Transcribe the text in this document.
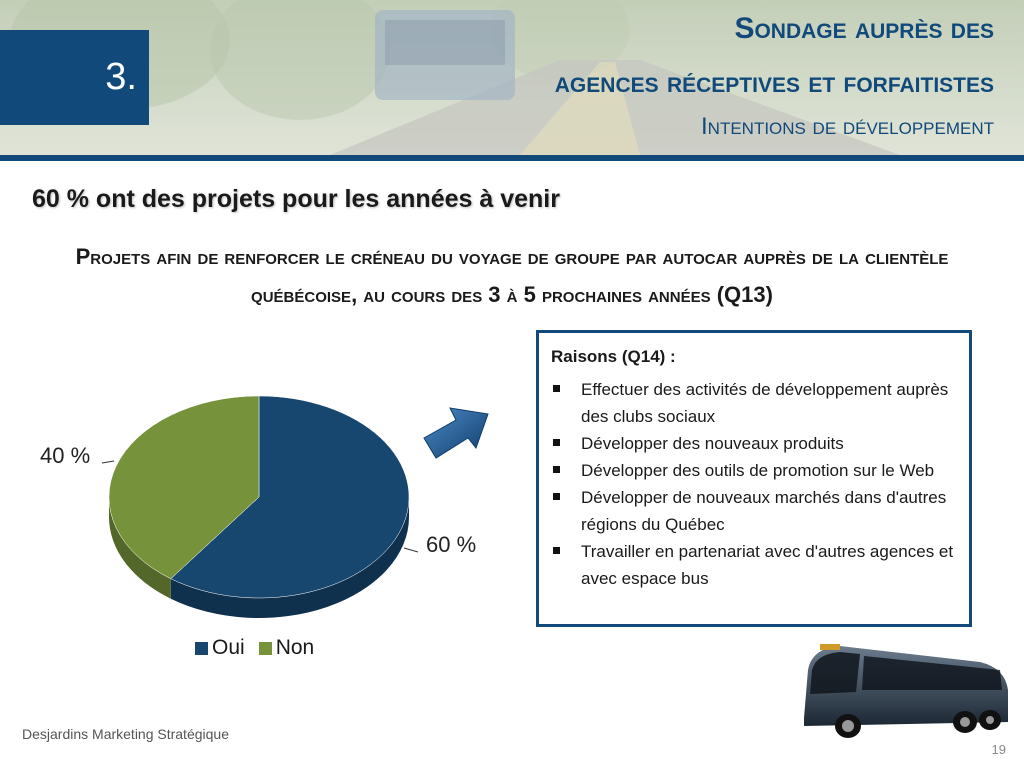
3.
Sondage auprès des
agences réceptives et forfaitistes
Intentions de développement
60 % ont des projets pour les années à venir
Projets afin de renforcer le créneau du voyage de groupe par autocar auprès de la clientèle québécoise, au cours des 3 à 5 prochaines années (Q13)
40 %
60 %
Oui Non
Raisons (Q14) :
Effectuer des activités de développement auprès des clubs sociaux
Développer des nouveaux produits
Développer des outils de promotion sur le Web
Développer de nouveaux marchés dans d'autres régions du Québec
Travailler en partenariat avec d'autres agences et avec espace bus
Desjardins Marketing Stratégique
19
